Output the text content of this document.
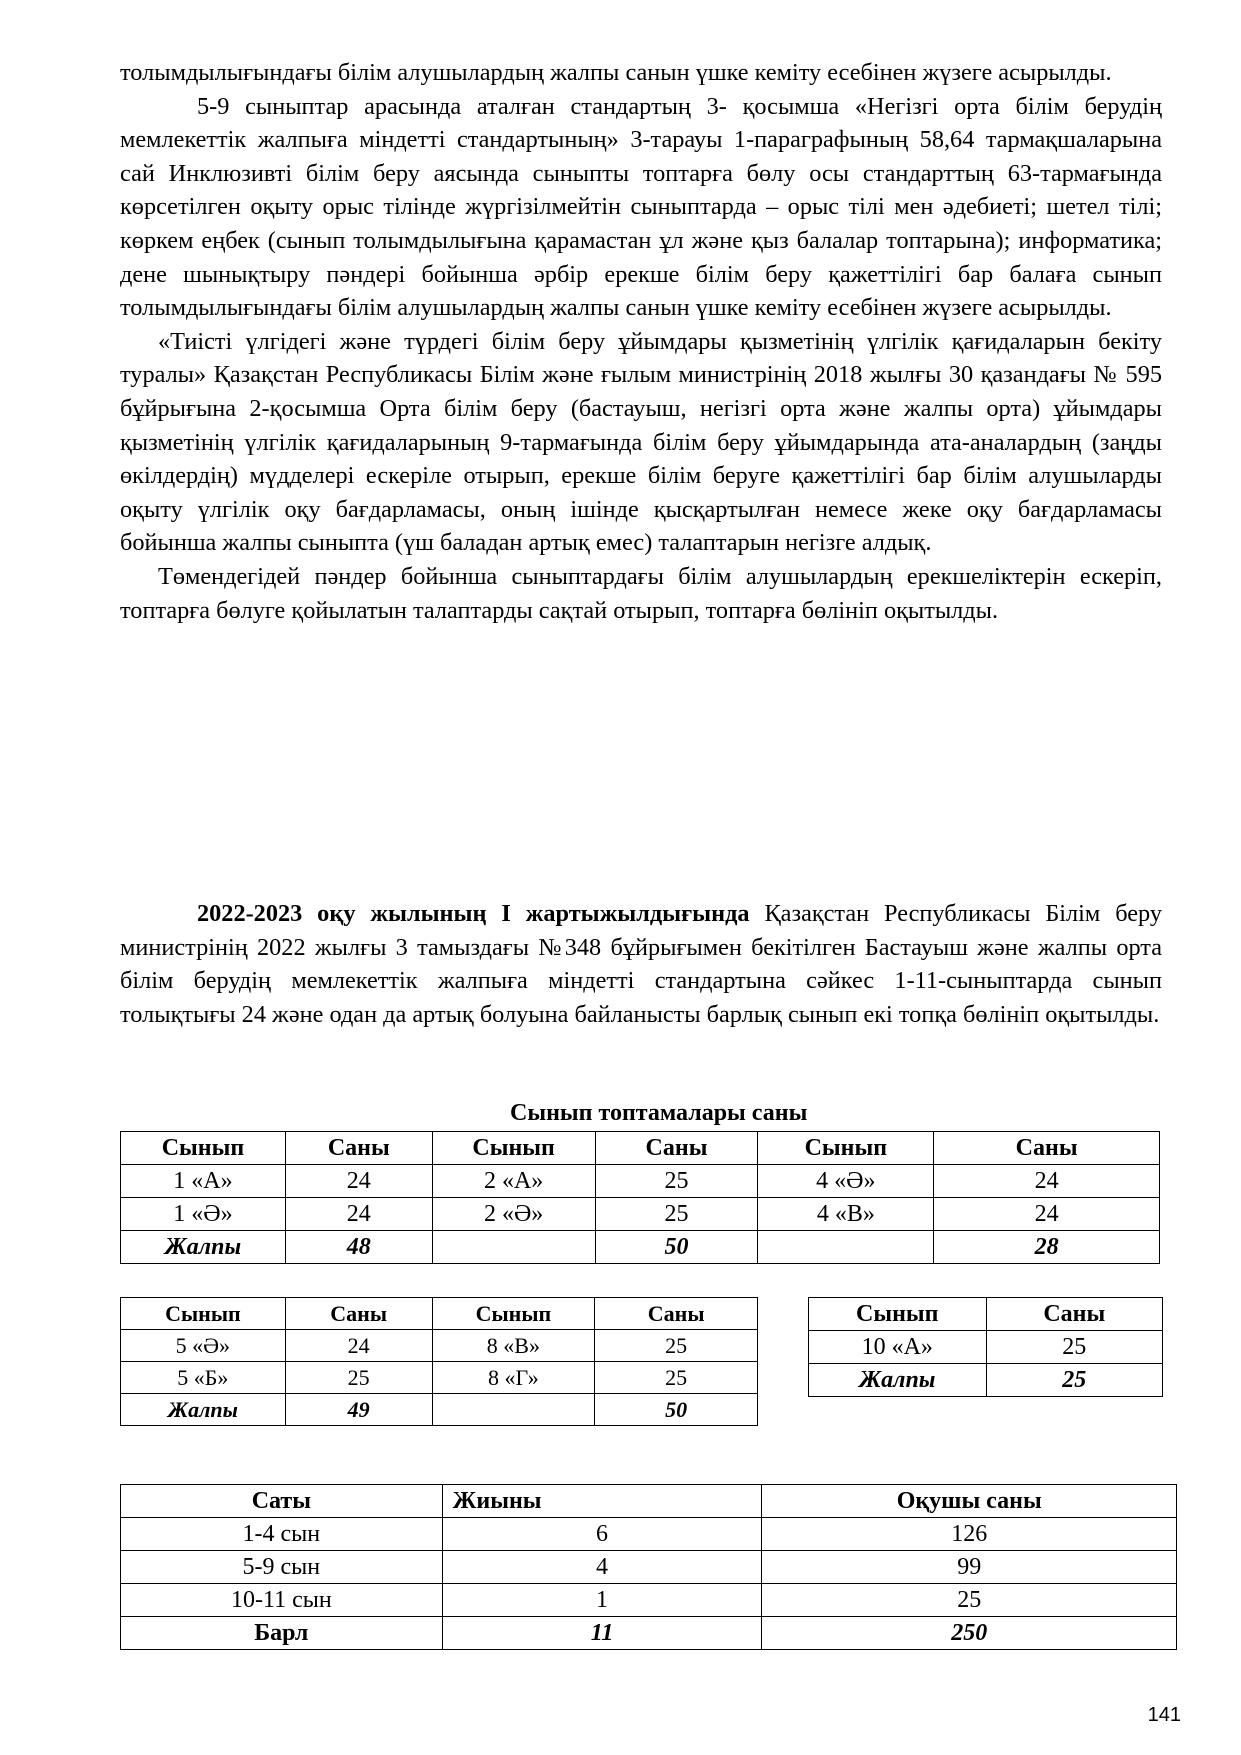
толымдылығындағы білім алушылардың жалпы санын үшке кеміту есебінен жүзеге асырылды.

5-9 сыныптар арасында аталған стандартың 3- қосымша «Негізгі орта білім берудің мемлекеттік жалпыға міндетті стандартының» 3-тарауы 1-параграфының 58,64 тармақшаларына сай Инклюзивті білім беру аясында сыныпты топтарға бөлу осы стандарттың 63-тармағында көрсетілген оқыту орыс тілінде жүргізілмейтін сыныптарда – орыс тілі мен әдебиеті; шетел тілі; көркем еңбек (сынып толымдылығына қарамастан ұл және қыз балалар топтарына); информатика; дене шынықтыру пәндері бойынша әрбір ерекше білім беру қажеттілігі бар балаға сынып толымдылығындағы білім алушылардың жалпы санын үшке кеміту есебінен жүзеге асырылды.

«Тиісті үлгідегі және түрдегі білім беру ұйымдары қызметінің үлгілік қағидаларын бекіту туралы» Қазақстан Республикасы Білім және ғылым министрінің 2018 жылғы 30 қазандағы № 595 бұйрығына 2-қосымша Орта білім беру (бастауыш, негізгі орта және жалпы орта) ұйымдары қызметінің үлгілік қағидаларының 9-тармағында білім беру ұйымдарында ата-аналардың (заңды өкілдердің) мүдделері ескеріле отырып, ерекше білім беруге қажеттілігі бар білім алушыларды оқыту үлгілік оқу бағдарламасы, оның ішінде қысқартылған немесе жеке оқу бағдарламасы бойынша жалпы сыныпта (үш баладан артық емес) талаптарын негізге алдық.

Төмендегідей пәндер бойынша сыныптардағы білім алушылардың ерекшеліктерін ескеріп, топтарға бөлуге қойылатын талаптарды сақтай отырып, топтарға бөлініп оқытылды.

2022-2023 оқу жылының I жартыжылдығында Қазақстан Республикасы Білім беру министрінің 2022 жылғы 3 тамыздағы №348 бұйрығымен бекітілген Бастауыш және жалпы орта білім берудің мемлекеттік жалпыға міндетті стандартына сәйкес 1-11-сыныптарда сынып толықтығы 24 және одан да артық болуына байланысты барлық сынып екі топқа бөлініп оқытылды.

Сынып топтамалары саны
Сынып	Саны	Сынып	Саны	Сынып	Саны
1 «А»	24	2 «А»	25	4 «Ә»	24
1 «Ә»	24	2 «Ә»	25	4 «В»	24
Жалпы	48		50		28
Сынып	Саны	Сынып	Саны
5 «Ә»	24	8 «В»	25
5 «Б»	25	8 «Г»	25
Жалпы	49		50
Сынып	Саны
10 «А»	25
Жалпы	25
Саты	Жиыны	Оқушы саны
1-4 сын	6	126
5-9 сын	4	99
10-11 сын	1	25
Барл	11	250
141
